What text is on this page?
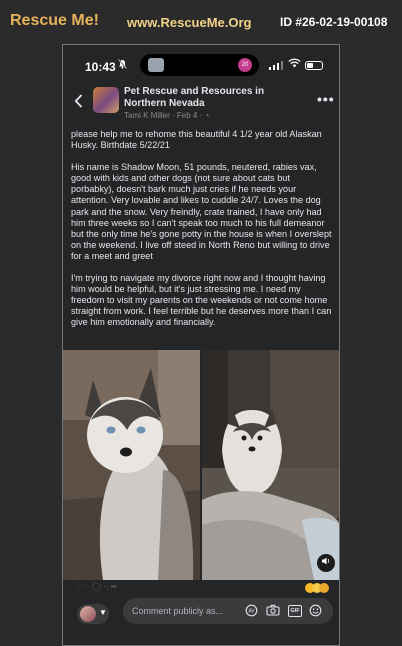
Rescue Me! www.RescueMe.Org ID #26-02-19-00108
10:43	20
Pet Rescue and Resources in Northern Nevada
Tami K Miller · Feb 4 · ◔
•••

please help me to rehome this beautiful 4 1/2 year old Alaskan Husky. Birthdate 5/22/21

His name is Shadow Moon, 51 pounds, neutered, rabies vax, good with kids and other dogs (not sure about cats but porbabky), doesn't bark much just cries if he needs your attention. Very lovable and likes to cuddle 24/7. Loves the dog park and the snow. Very freindly, crate trained, I have only had him three weeks so I can't speak too much to his full demeanor but the only time he's gone potty in the house is when I overslept on the weekend. I live off steed in North Reno but willing to drive for a meet and greet

I'm trying to navigate my divorce right now and I thought having him would be helpful, but it's just stressing me. I need my freedom to visit my parents on the weekends or not come home straight from work. I feel terrible but he deserves more than I can give him emotionally and financially.

♡ ·· ◯ ·· ➦
▼	Comment publicly as...	AV	GIF
